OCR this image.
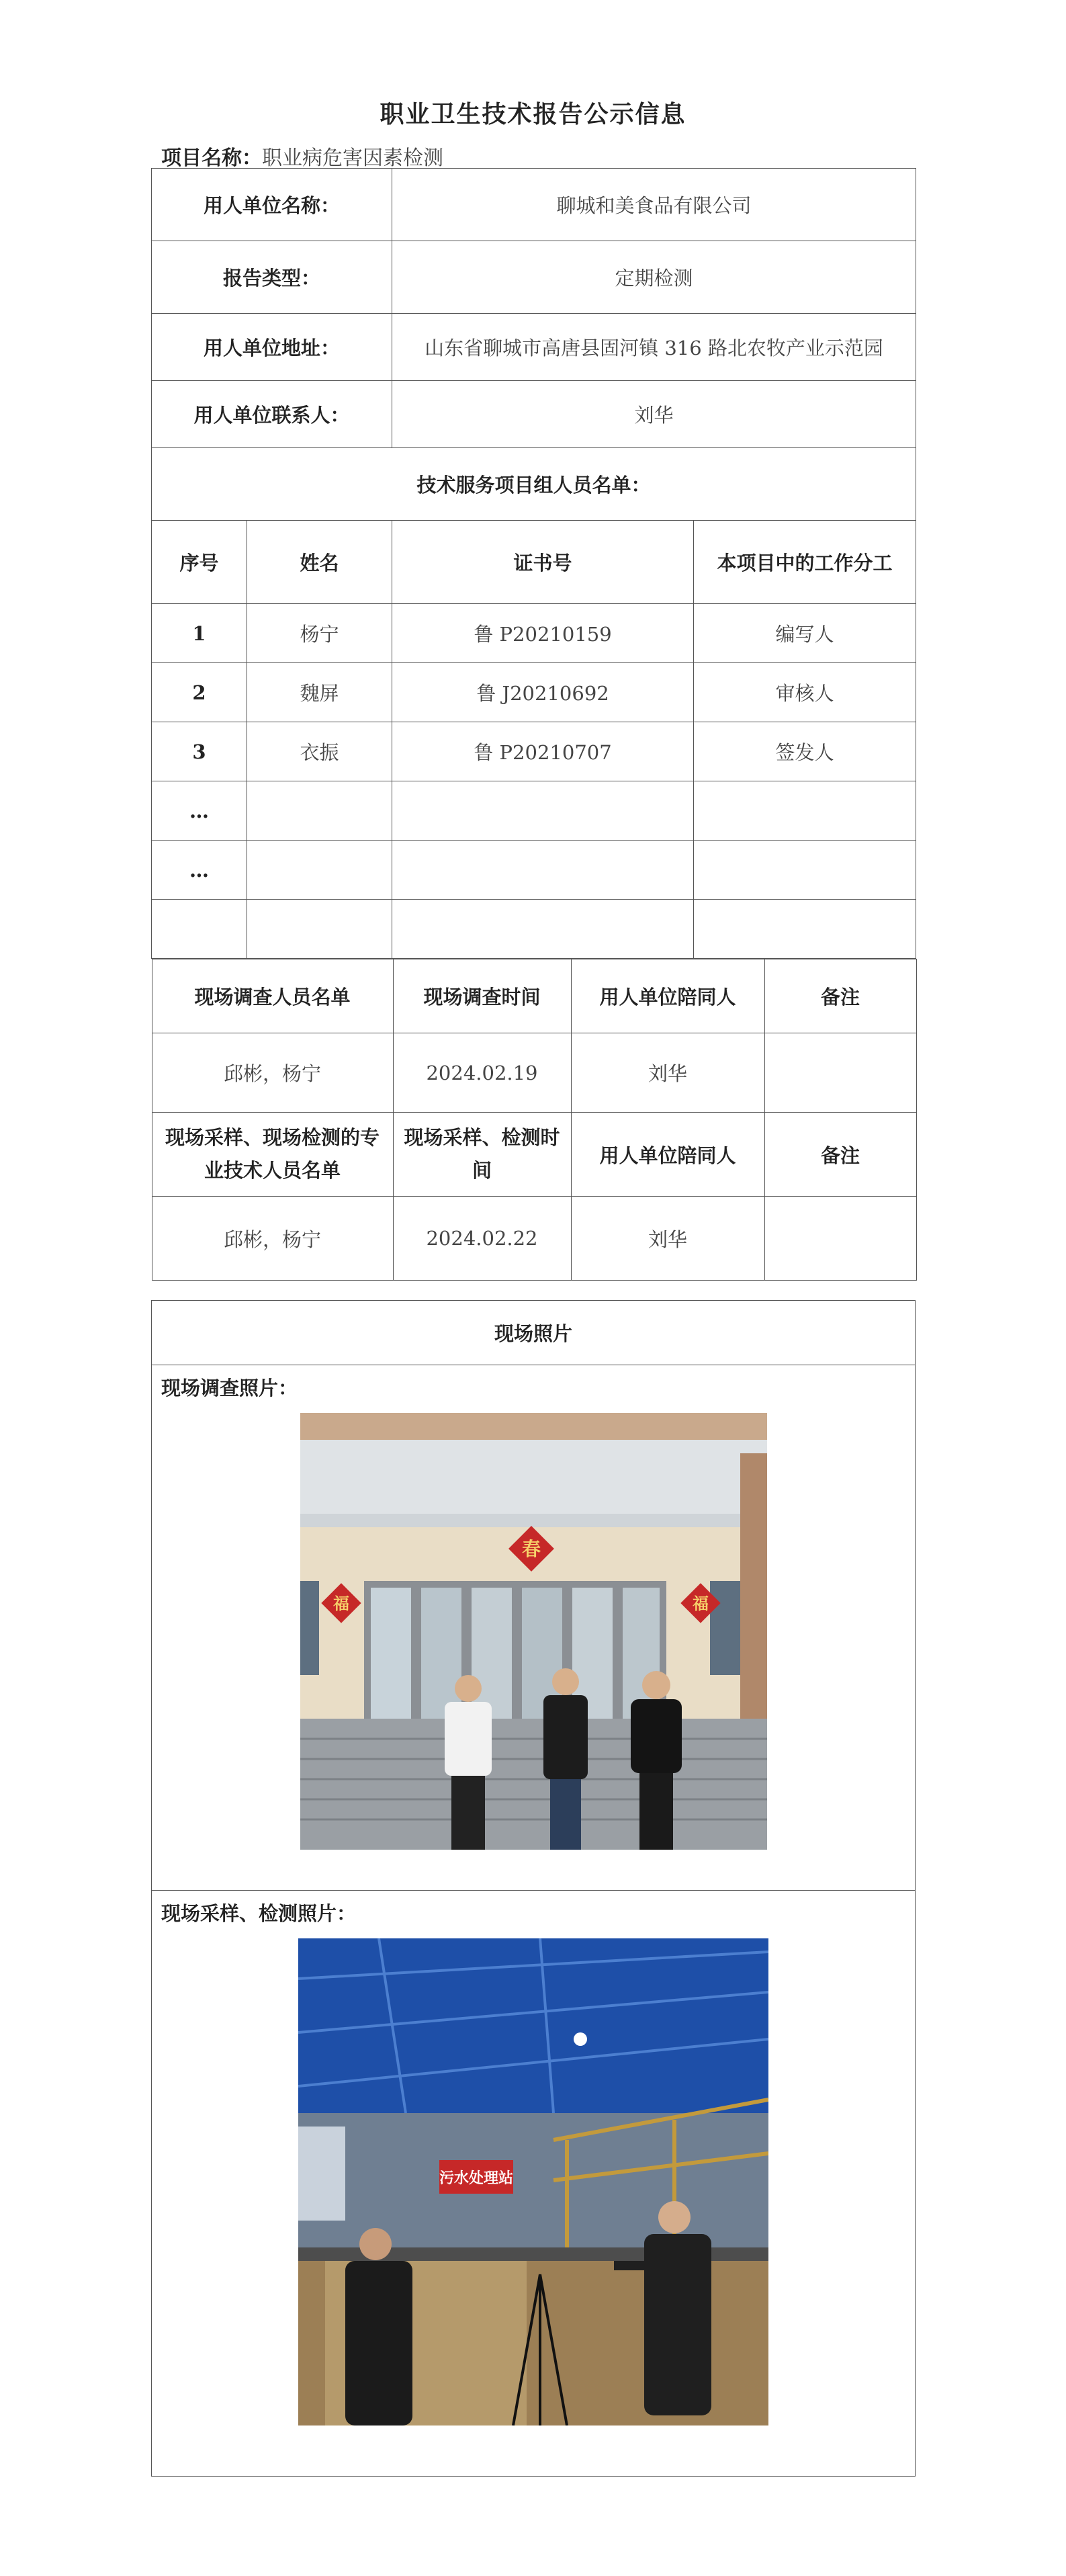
职业卫生技术报告公示信息
项目名称：职业病危害因素检测
用人单位名称：	聊城和美食品有限公司
报告类型：	定期检测
用人单位地址：	山东省聊城市高唐县固河镇 316 路北农牧产业示范园
用人单位联系人：	刘华
技术服务项目组人员名单：
序号	姓名	证书号	本项目中的工作分工
1	杨宁	鲁 P20210159	编写人
2	魏屏	鲁 J20210692	审核人
3	衣振	鲁 P20210707	签发人
…			
…			

现场调查人员名单	现场调查时间	用人单位陪同人	备注
邱彬，杨宁	2024.02.19	刘华	
现场采样、现场检测的专业技术人员名单	现场采样、检测时间	用人单位陪同人	备注
邱彬，杨宁	2024.02.22	刘华	
现场照片

现场调查照片：
春
福	福

现场采样、检测照片：
污水处理站
